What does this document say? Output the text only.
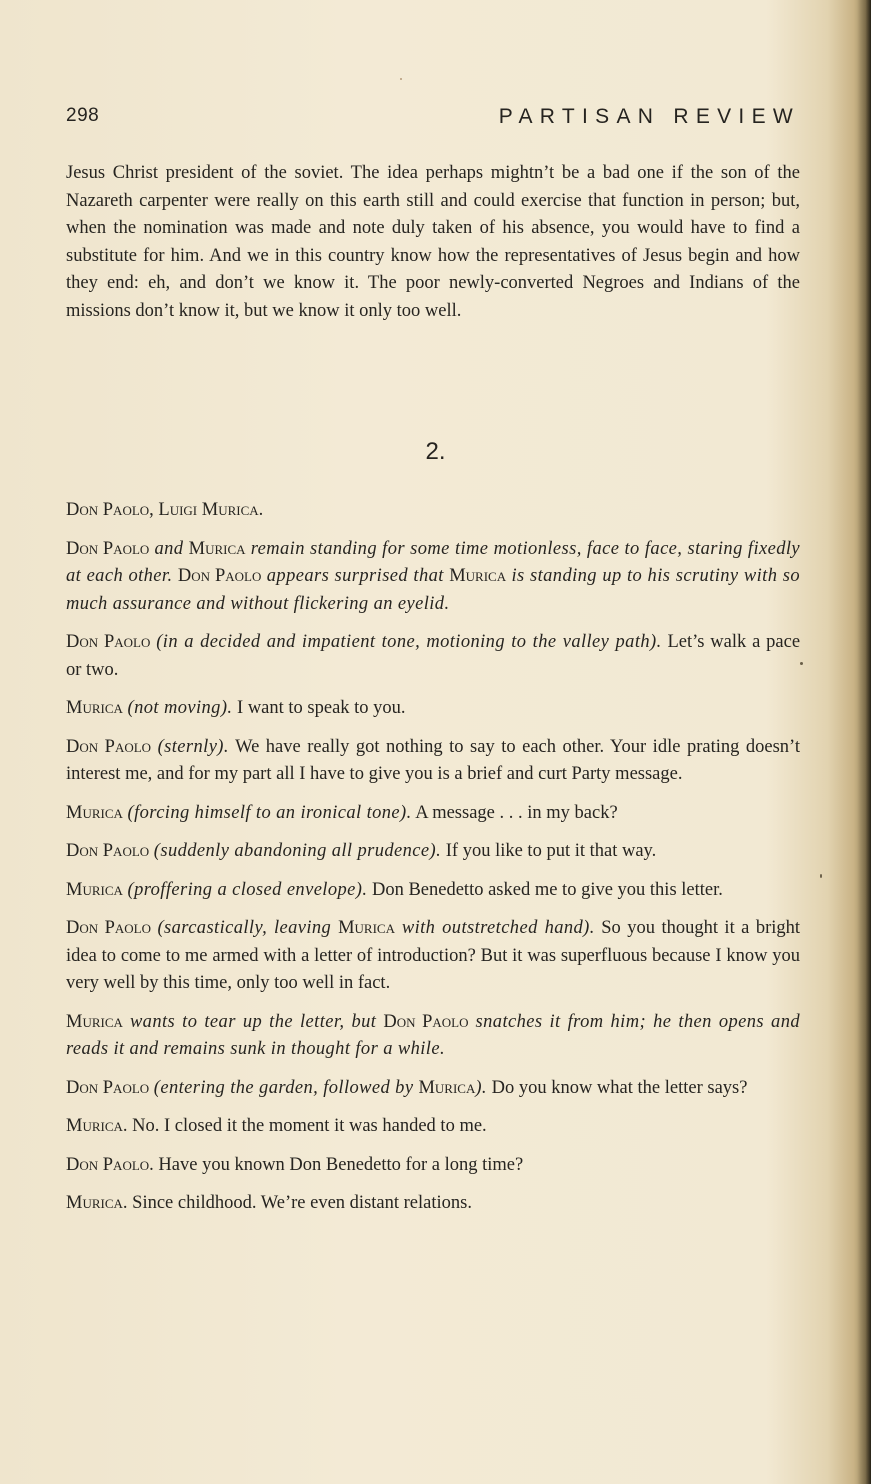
298	PARTISAN REVIEW
Jesus Christ president of the soviet. The idea perhaps mightn’t be a bad one if the son of the Nazareth carpenter were really on this earth still and could exercise that function in person; but, when the nomination was made and note duly taken of his absence, you would have to find a substitute for him. And we in this country know how the representatives of Jesus begin and how they end: eh, and don’t we know it. The poor newly-converted Negroes and Indians of the missions don’t know it, but we know it only too well.
2.

Don Paolo, Luigi Murica.

Don Paolo and Murica remain standing for some time motionless, face to face, staring fixedly at each other. Don Paolo appears surprised that Murica is standing up to his scrutiny with so much assurance and without flickering an eyelid.

Don Paolo (in a decided and impatient tone, motioning to the valley path). Let’s walk a pace or two.

Murica (not moving). I want to speak to you.

Don Paolo (sternly). We have really got nothing to say to each other. Your idle prating doesn’t interest me, and for my part all I have to give you is a brief and curt Party message.

Murica (forcing himself to an ironical tone). A message . . . in my back?

Don Paolo (suddenly abandoning all prudence). If you like to put it that way.

Murica (proffering a closed envelope). Don Benedetto asked me to give you this letter.

Don Paolo (sarcastically, leaving Murica with outstretched hand). So you thought it a bright idea to come to me armed with a letter of introduction? But it was superfluous because I know you very well by this time, only too well in fact.

Murica wants to tear up the letter, but Don Paolo snatches it from him; he then opens and reads it and remains sunk in thought for a while.

Don Paolo (entering the garden, followed by Murica). Do you know what the letter says?

Murica. No. I closed it the moment it was handed to me.

Don Paolo. Have you known Don Benedetto for a long time?

Murica. Since childhood. We’re even distant relations.
